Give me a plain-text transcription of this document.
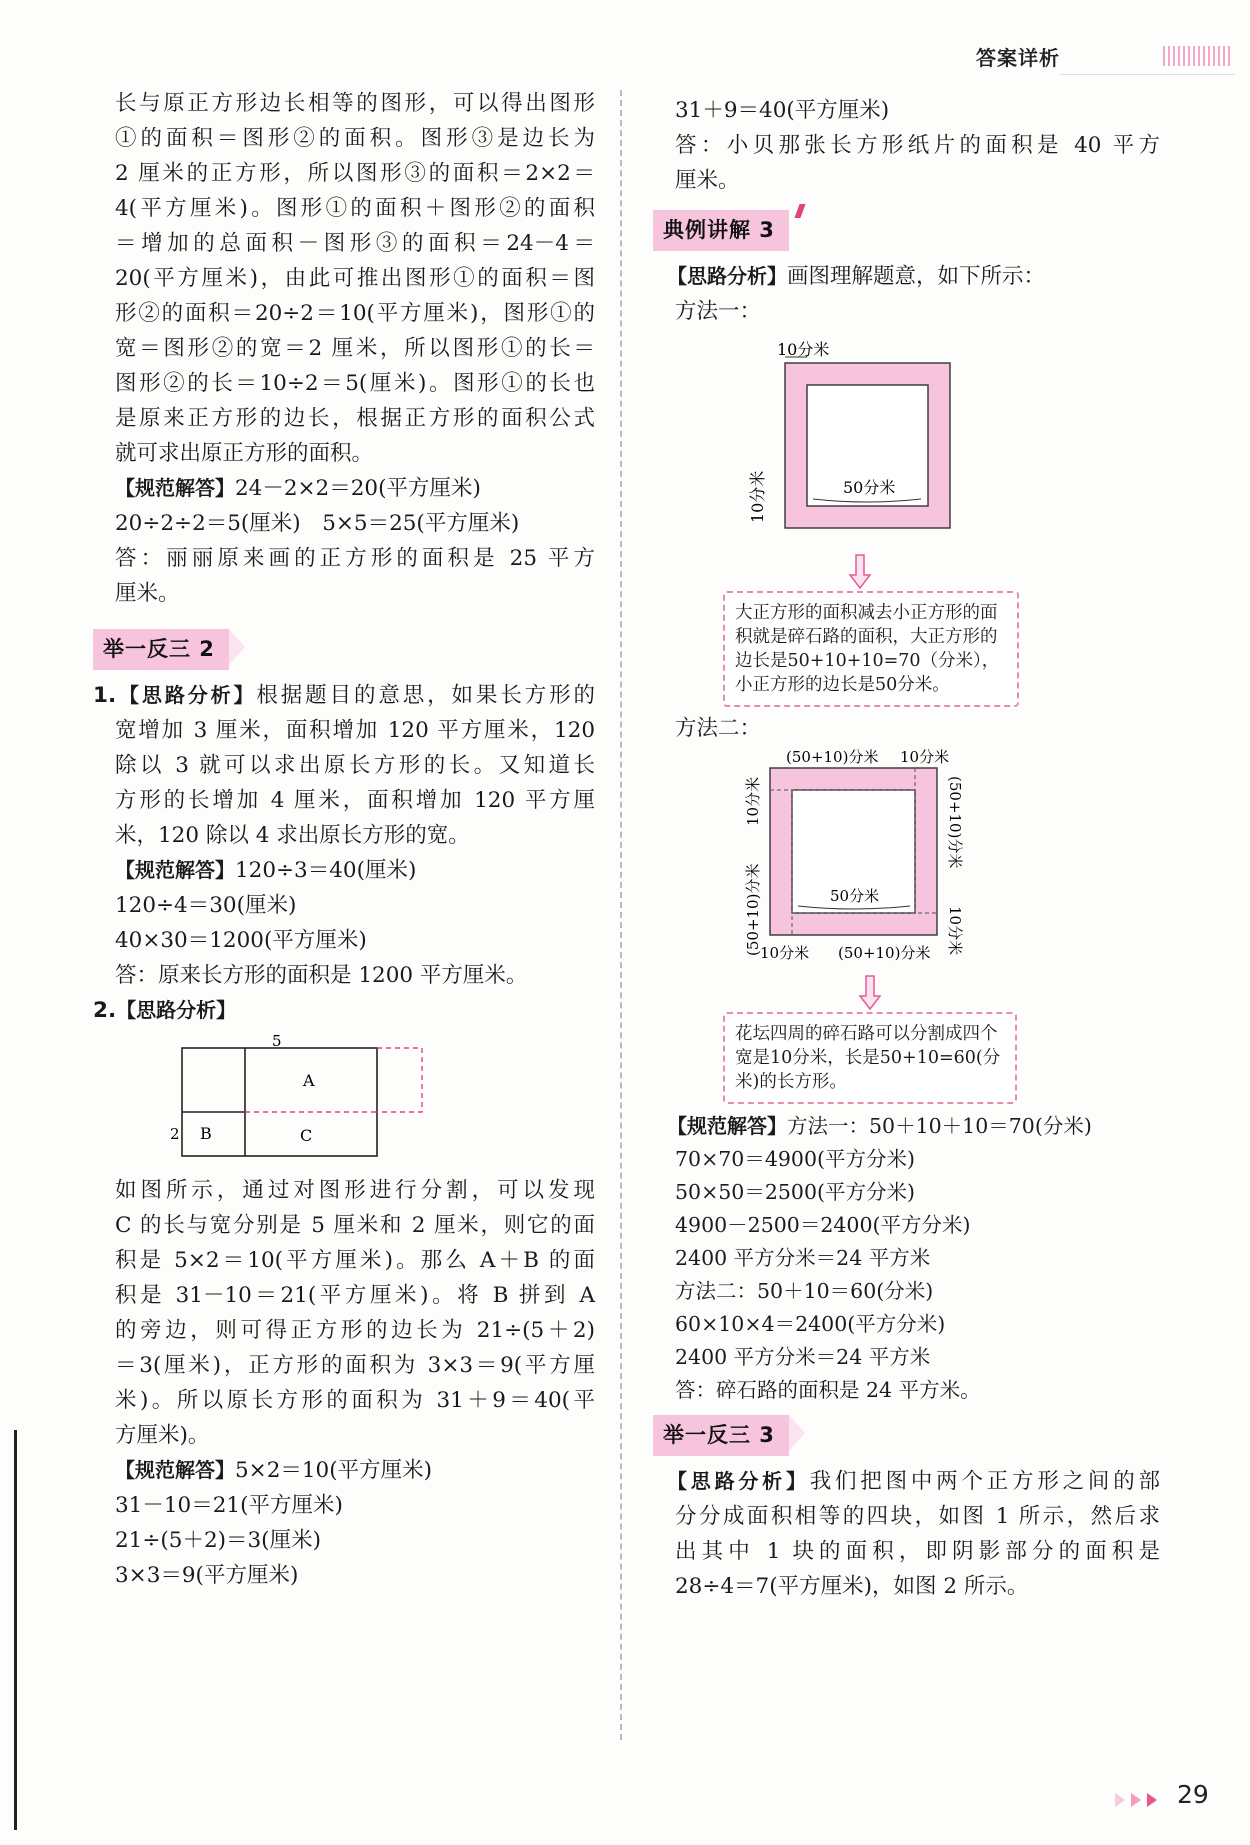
答案详析

长与原正方形边长相等的图形，可以得出图形

①的面积＝图形②的面积。图形③是边长为

2 厘米的正方形，所以图形③的面积＝2×2＝

4(平方厘米)。图形①的面积＋图形②的面积

＝增加的总面积－图形③的面积＝24－4＝

20(平方厘米)，由此可推出图形①的面积＝图

形②的面积＝20÷2＝10(平方厘米)，图形①的

宽＝图形②的宽＝2 厘米，所以图形①的长＝

图形②的长＝10÷2＝5(厘米)。图形①的长也

是原来正方形的边长，根据正方形的面积公式

就可求出原正方形的面积。

【规范解答】24－2×2＝20(平方厘米)

20÷2÷2＝5(厘米)　5×5＝25(平方厘米)

答：丽丽原来画的正方形的面积是 25 平方

厘米。

举一反三 2

1.【思路分析】根据题目的意思，如果长方形的

宽增加 3 厘米，面积增加 120 平方厘米，120

除以 3 就可以求出原长方形的长。又知道长

方形的长增加 4 厘米，面积增加 120 平方厘

米，120 除以 4 求出原长方形的宽。

【规范解答】120÷3＝40(厘米)

120÷4＝30(厘米)

40×30＝1200(平方厘米)

答：原来长方形的面积是 1200 平方厘米。

2.【思路分析】

5
A
B	C
2

如图所示，通过对图形进行分割，可以发现

C 的长与宽分别是 5 厘米和 2 厘米，则它的面

积是 5×2＝10(平方厘米)。那么 A＋B 的面

积是 31－10＝21(平方厘米)。将 B 拼到 A

的旁边，则可得正方形的边长为 21÷(5＋2)

＝3(厘米)，正方形的面积为 3×3＝9(平方厘

米)。所以原长方形的面积为 31＋9＝40(平

方厘米)。

【规范解答】5×2＝10(平方厘米)

31－10＝21(平方厘米)

21÷(5＋2)＝3(厘米)

3×3＝9(平方厘米)

31＋9＝40(平方厘米)

答：小贝那张长方形纸片的面积是 40 平方

厘米。

典例讲解 3

【思路分析】画图理解题意，如下所示：

方法一：

10分米
10分米	50分米
大正方形的面积减去小正方形的面积就是碎石路的面积，大正方形的边长是50+10+10=70（分米），小正方形的边长是50分米。

方法二：

(50+10)分米 10分米
10分米
(50+10)分米
(50+10)分米
10分米
10分米 (50+10)分米
50分米
花坛四周的碎石路可以分割成四个宽是10分米，长是50+10=60(分米)的长方形。

【规范解答】方法一：50＋10＋10＝70(分米)

70×70＝4900(平方分米)

50×50＝2500(平方分米)

4900－2500＝2400(平方分米)

2400 平方分米＝24 平方米

方法二：50＋10＝60(分米)

60×10×4＝2400(平方分米)

2400 平方分米＝24 平方米

答：碎石路的面积是 24 平方米。

举一反三 3

【思路分析】我们把图中两个正方形之间的部

分分成面积相等的四块，如图 1 所示，然后求

出其中 1 块的面积，即阴影部分的面积是

28÷4＝7(平方厘米)，如图 2 所示。

29
